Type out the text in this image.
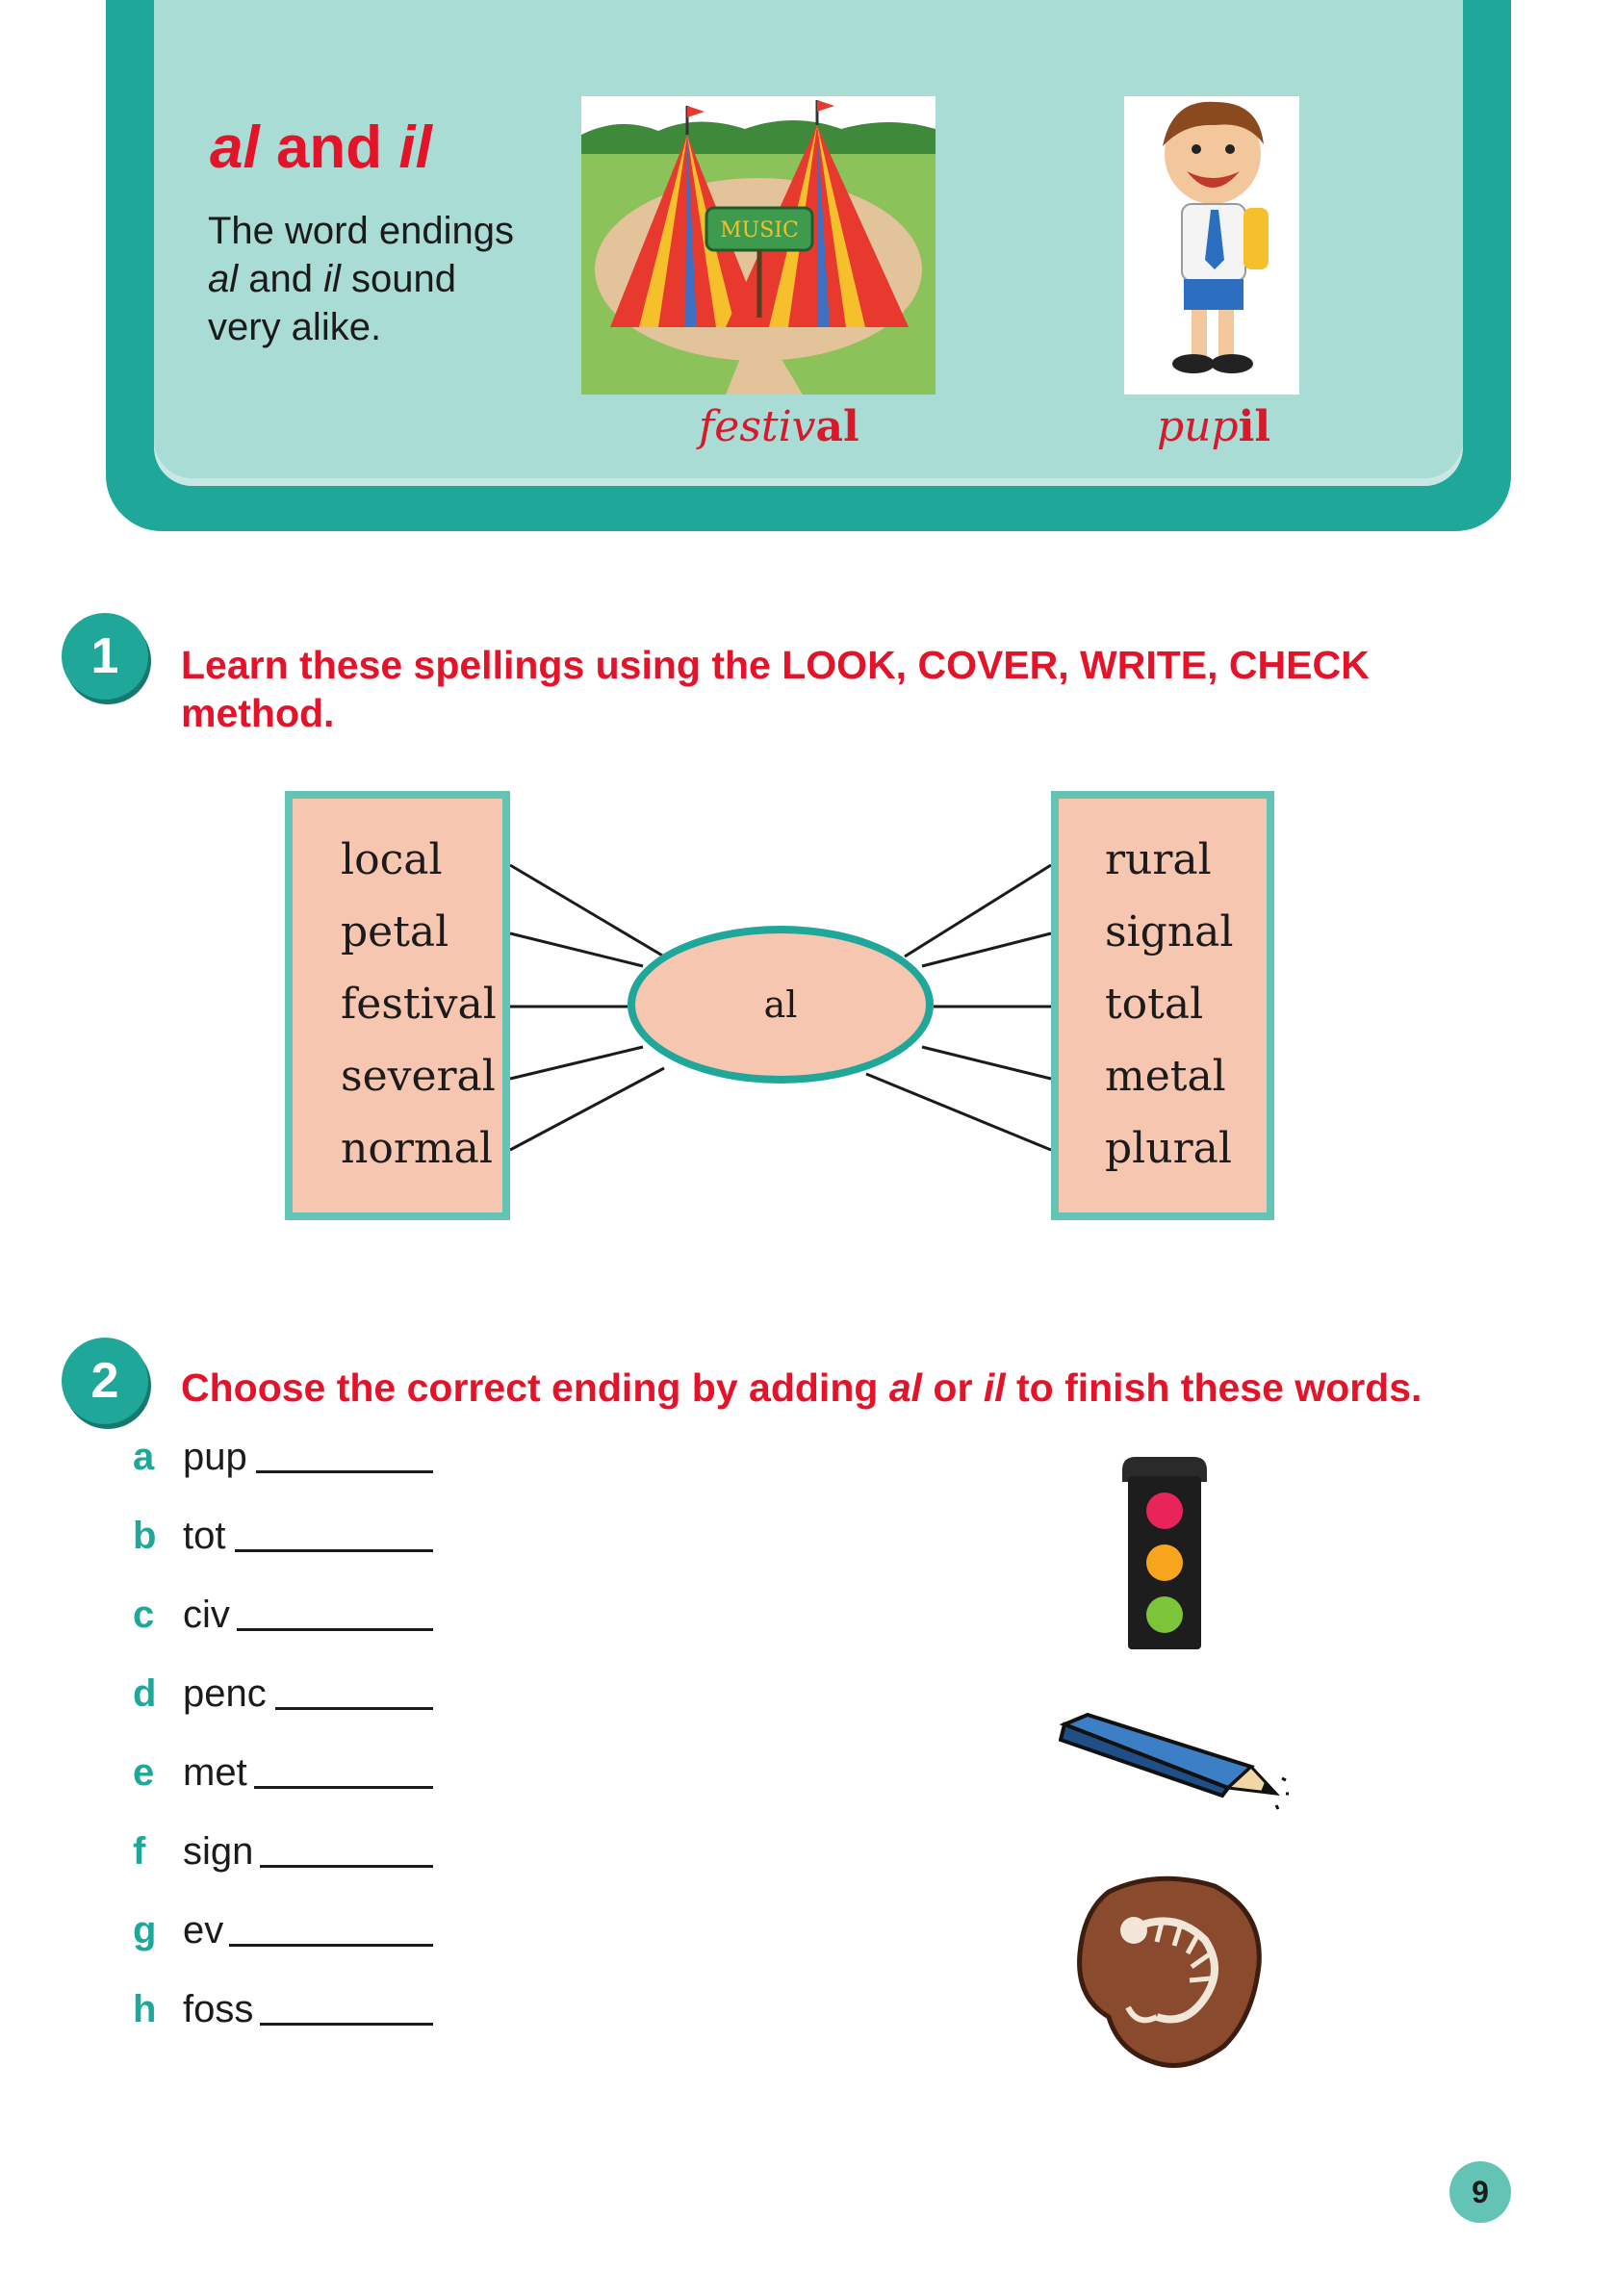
al and il
The word endings
al and il sound
very alike.
MUSIC
festival	pupil
1	Learn these spellings using the LOOK, COVER, WRITE, CHECK
method.
local
petal
festival
several
normal
rural
signal
total
metal
plural
al
2	Choose the correct ending by adding al or il to finish these words.
a pup
b tot
c civ
d penc
e met
f sign
g ev
h foss
9
